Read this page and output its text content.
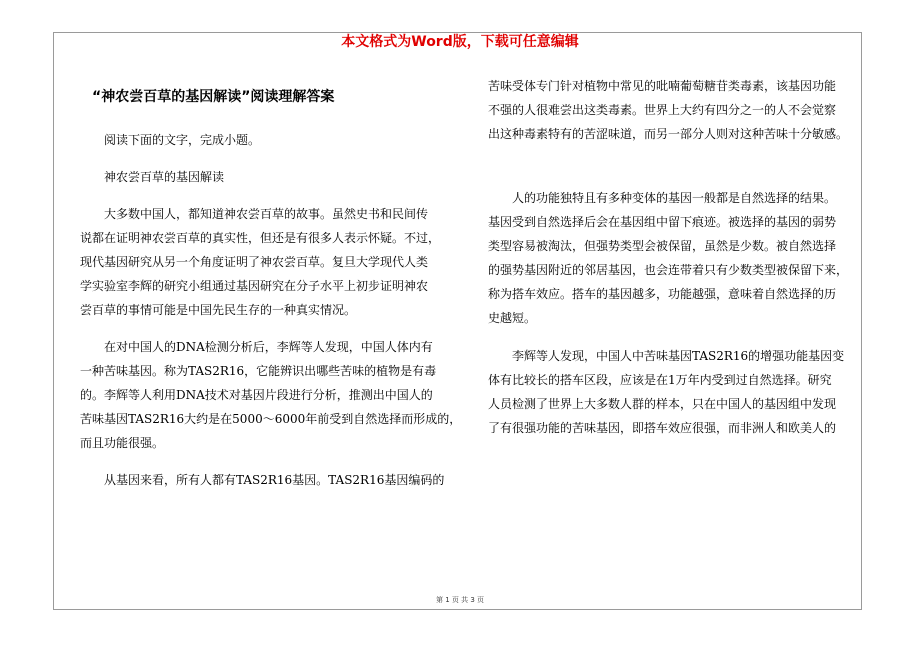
本文格式为Word版，下载可任意编辑
“神农尝百草的基因解读”阅读理解答案
阅读下面的文字，完成小题。
神农尝百草的基因解读
大多数中国人，都知道神农尝百草的故事。虽然史书和民间传
说都在证明神农尝百草的真实性，但还是有很多人表示怀疑。不过，
现代基因研究从另一个角度证明了神农尝百草。复旦大学现代人类
学实验室李辉的研究小组通过基因研究在分子水平上初步证明神农
尝百草的事情可能是中国先民生存的一种真实情况。
在对中国人的DNA检测分析后，李辉等人发现，中国人体内有
一种苦味基因。称为TAS2R16，它能辨识出哪些苦味的植物是有毒
的。李辉等人利用DNA技术对基因片段进行分析，推测出中国人的
苦味基因TAS2R16大约是在5000～6000年前受到自然选择而形成的，
而且功能很强。
从基因来看，所有人都有TAS2R16基因。TAS2R16基因编码的
苦味受体专门针对植物中常见的吡喃葡萄糖苷类毒素，该基因功能
不强的人很难尝出这类毒素。世界上大约有四分之一的人不会觉察
出这种毒素特有的苦涩味道，而另一部分人则对这种苦味十分敏感。
人的功能独特且有多种变体的基因一般都是自然选择的结果。
基因受到自然选择后会在基因组中留下痕迹。被选择的基因的弱势
类型容易被淘汰，但强势类型会被保留，虽然是少数。被自然选择
的强势基因附近的邻居基因，也会连带着只有少数类型被保留下来，
称为搭车效应。搭车的基因越多，功能越强，意味着自然选择的历
史越短。
李辉等人发现，中国人中苦味基因TAS2R16的增强功能基因变
体有比较长的搭车区段，应该是在1万年内受到过自然选择。研究
人员检测了世界上大多数人群的样本，只在中国人的基因组中发现
了有很强功能的苦味基因，即搭车效应很强，而非洲人和欧美人的
第 1 页 共 3 页
